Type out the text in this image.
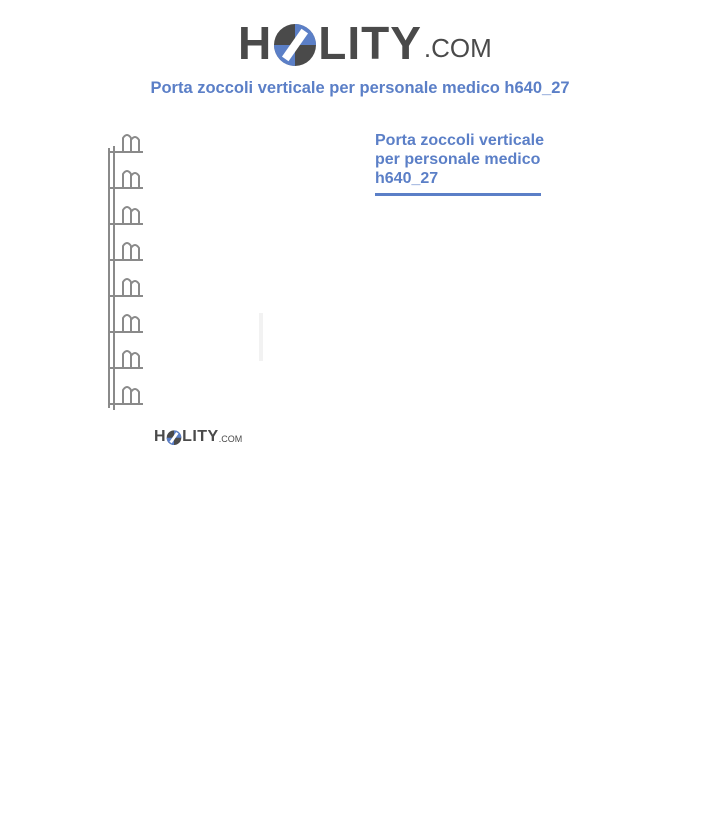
H LITY .COM
Porta zoccoli verticale per personale medico h640_27
H LITY .COM
Porta zoccoli verticale per personale medico h640_27
